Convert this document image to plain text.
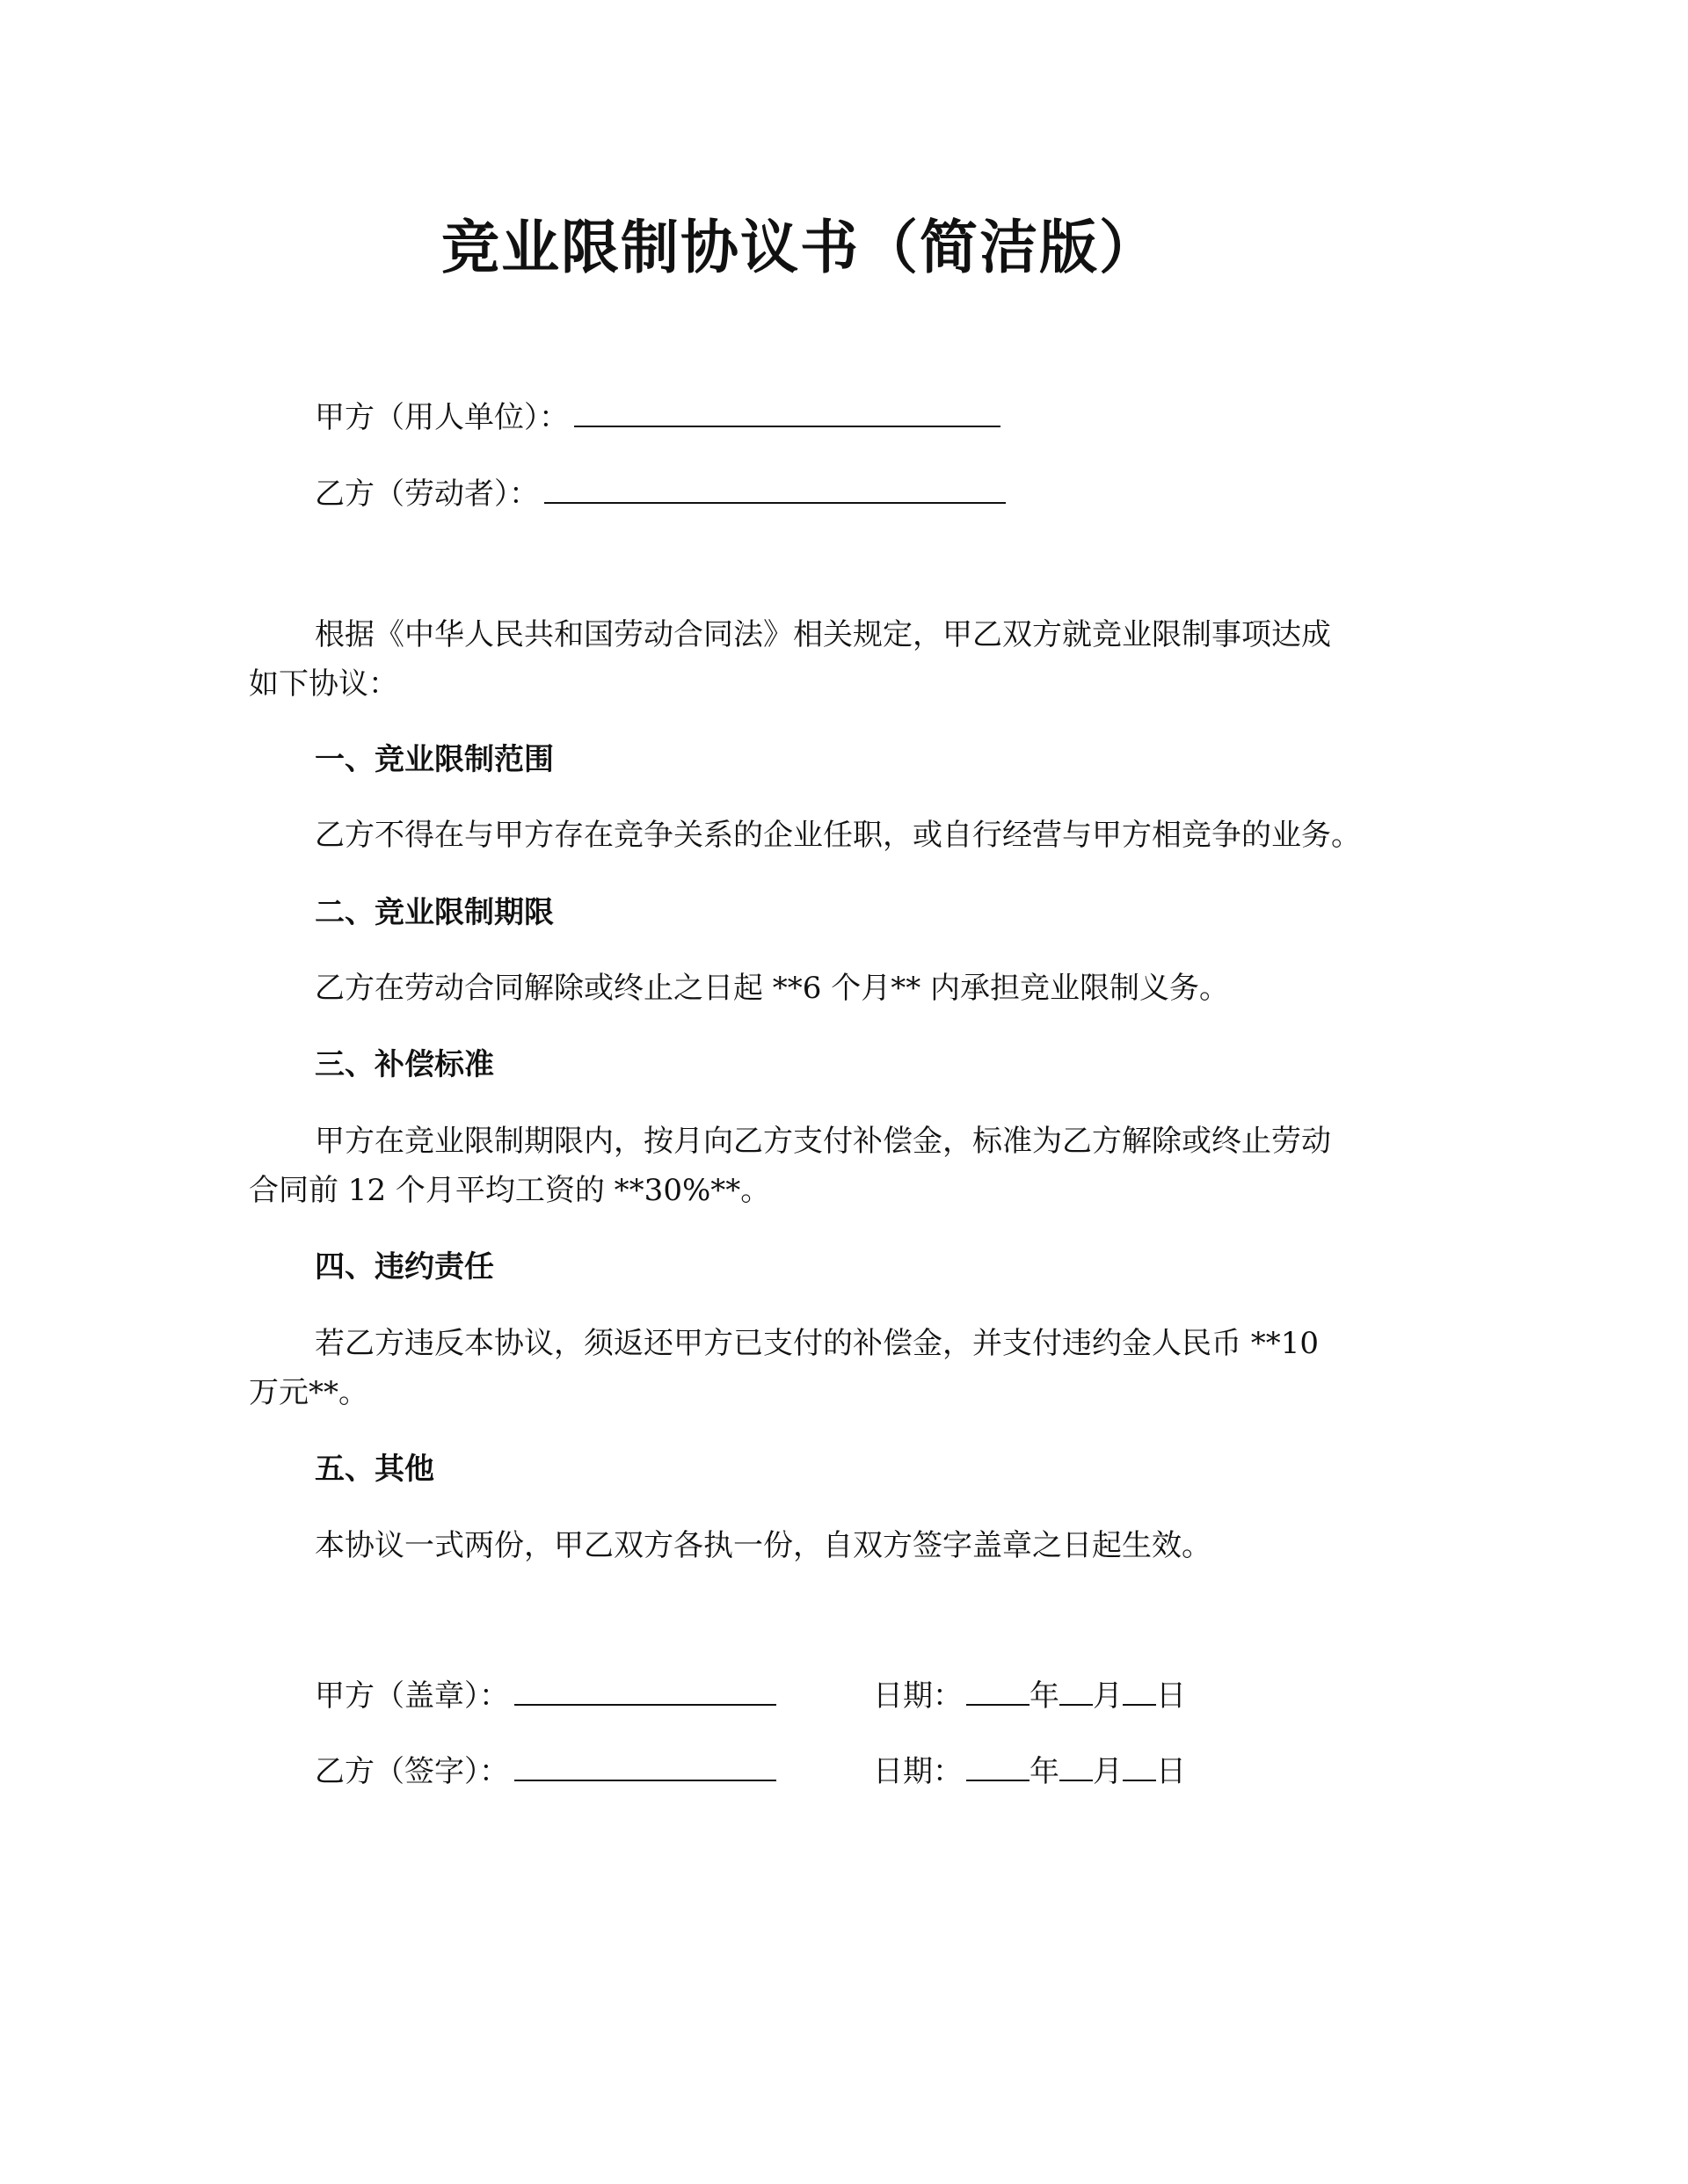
竞业限制协议书（简洁版）
甲方（用人单位）：
乙方（劳动者）：
根据《中华人民共和国劳动合同法》相关规定，甲乙双方就竞业限制事项达成
如下协议：
一、竞业限制范围
乙方不得在与甲方存在竞争关系的企业任职，或自行经营与甲方相竞争的业务。
二、竞业限制期限
乙方在劳动合同解除或终止之日起 **6 个月** 内承担竞业限制义务。
三、补偿标准
甲方在竞业限制期限内，按月向乙方支付补偿金，标准为乙方解除或终止劳动
合同前 12 个月平均工资的 **30%**。
四、违约责任
若乙方违反本协议，须返还甲方已支付的补偿金，并支付违约金人民币 **10
万元**。
五、其他
本协议一式两份，甲乙双方各执一份，自双方签字盖章之日起生效。
甲方（盖章）：	日期： 年 月 日
乙方（签字）：	日期： 年 月 日
